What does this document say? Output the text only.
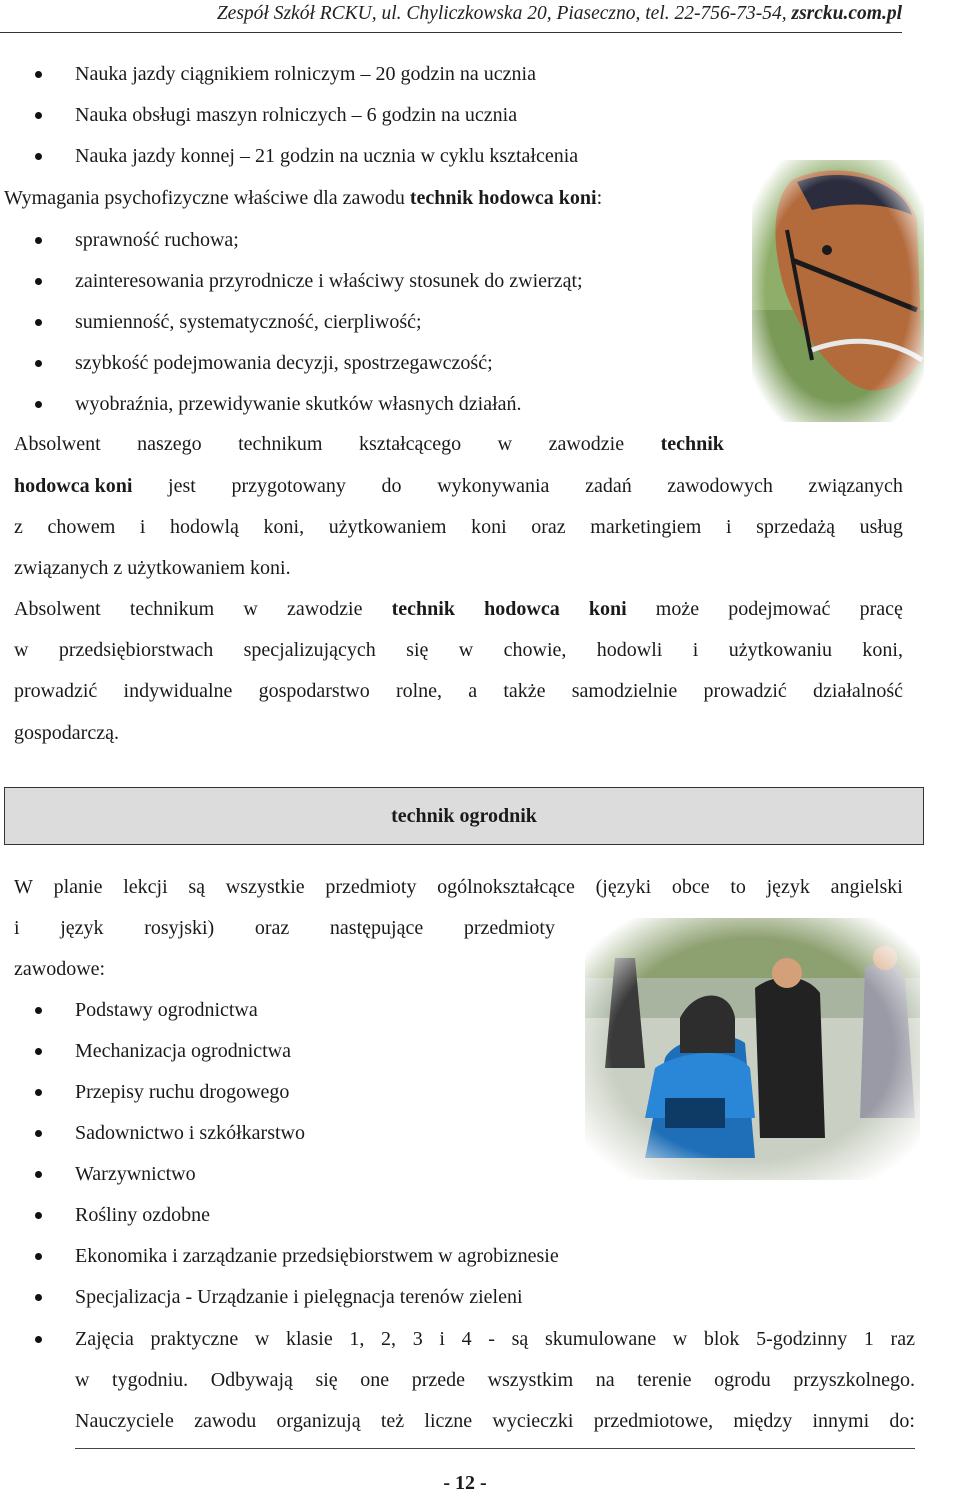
Zespół Szkół RCKU, ul. Chyliczkowska 20, Piaseczno, tel. 22-756-73-54, zsrcku.com.pl
Nauka jazdy ciągnikiem rolniczym – 20 godzin na ucznia
Nauka obsługi maszyn rolniczych – 6 godzin na ucznia
Nauka jazdy konnej – 21 godzin na ucznia w cyklu kształcenia
Wymagania psychofizyczne właściwe dla zawodu technik hodowca koni:
sprawność ruchowa;
zainteresowania przyrodnicze i właściwy stosunek do zwierząt;
sumienność, systematyczność, cierpliwość;
szybkość podejmowania decyzji, spostrzegawczość;
wyobraźnia, przewidywanie skutków własnych działań.
Absolwent naszego technikum kształcącego w zawodzie technik
hodowca koni jest przygotowany do wykonywania zadań zawodowych związanych
z chowem i hodowlą koni, użytkowaniem koni oraz marketingiem i sprzedażą usług
związanych z użytkowaniem koni.
Absolwent technikum w zawodzie technik hodowca koni może podejmować pracę
w przedsiębiorstwach specjalizujących się w chowie, hodowli i użytkowaniu koni,
prowadzić indywidualne gospodarstwo rolne, a także samodzielnie prowadzić działalność
gospodarczą.
technik ogrodnik
W planie lekcji są wszystkie przedmioty ogólnokształcące (języki obce to język angielski
i język rosyjski) oraz następujące przedmioty
zawodowe:
Podstawy ogrodnictwa
Mechanizacja ogrodnictwa
Przepisy ruchu drogowego
Sadownictwo i szkółkarstwo
Warzywnictwo
Rośliny ozdobne
Ekonomika i zarządzanie przedsiębiorstwem w agrobiznesie
Specjalizacja - Urządzanie i pielęgnacja terenów zieleni
Zajęcia praktyczne w klasie 1, 2, 3 i 4 - są skumulowane w blok 5-godzinny 1 raz
w tygodniu. Odbywają się one przede wszystkim na terenie ogrodu przyszkolnego.
Nauczyciele zawodu organizują też liczne wycieczki przedmiotowe, między innymi do:
- 12 -
